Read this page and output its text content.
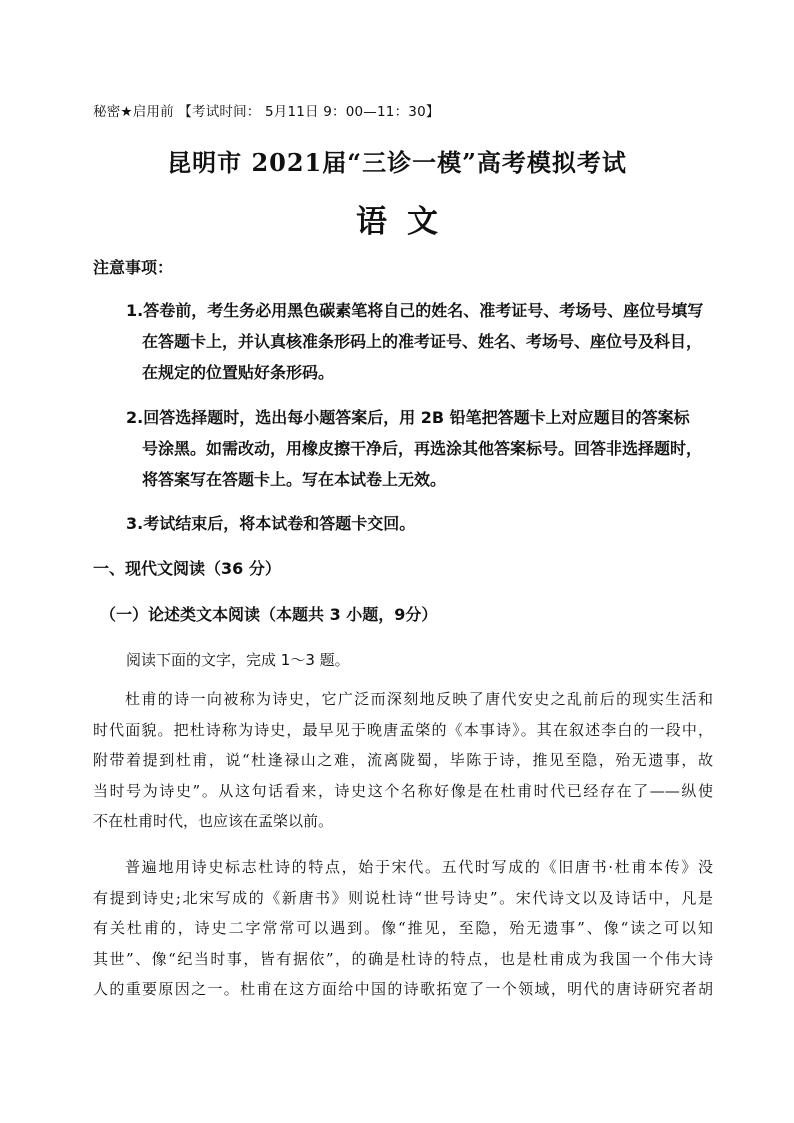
秘密★启用前 【考试时间： 5月11日 9：00—11：30】
昆明市 2021届“三诊一模”高考模拟考试
语文
注意事项：
1.答卷前，考生务必用黑色碳素笔将自己的姓名、准考证号、考场号、座位号填写
在答题卡上，并认真核准条形码上的准考证号、姓名、考场号、座位号及科目，
在规定的位置贴好条形码。
2.回答选择题时，选出每小题答案后，用 2B 铅笔把答题卡上对应题目的答案标
号涂黑。如需改动，用橡皮擦干净后，再选涂其他答案标号。回答非选择题时，
将答案写在答题卡上。写在本试卷上无效。
3.考试结束后，将本试卷和答题卡交回。
一、现代文阅读（36 分）
（一）论述类文本阅读（本题共 3 小题，9分）
阅读下面的文字，完成 1～3 题。
杜甫的诗一向被称为诗史，它广泛而深刻地反映了唐代安史之乱前后的现实生活和
时代面貌。把杜诗称为诗史，最早见于晚唐孟棨的《本事诗》。其在叙述李白的一段中，
附带着提到杜甫，说“杜逢禄山之难，流离陇蜀，毕陈于诗，推见至隐，殆无遗事，故
当时号为诗史”。从这句话看来，诗史这个名称好像是在杜甫时代已经存在了——纵使
不在杜甫时代，也应该在孟棨以前。
普遍地用诗史标志杜诗的特点，始于宋代。五代时写成的《旧唐书·杜甫本传》没
有提到诗史;北宋写成的《新唐书》则说杜诗“世号诗史”。宋代诗文以及诗话中，凡是
有关杜甫的，诗史二字常常可以遇到。像“推见，至隐，殆无遗事”、像“读之可以知
其世”、像“纪当时事，皆有据依”，的确是杜诗的特点，也是杜甫成为我国一个伟大诗
人的重要原因之一。杜甫在这方面给中国的诗歌拓宽了一个领域，明代的唐诗研究者胡
